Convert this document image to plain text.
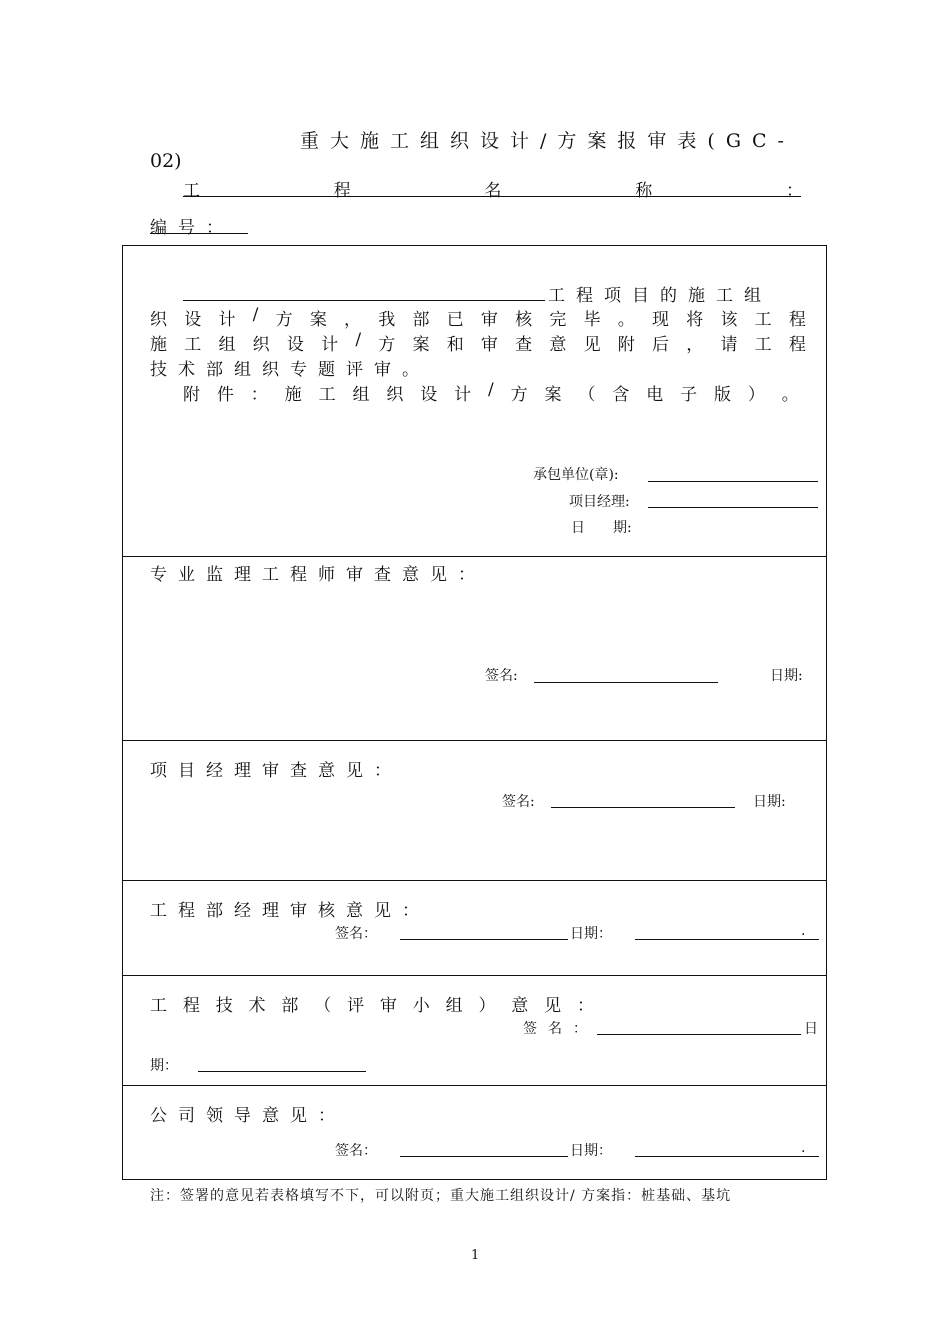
重大施工组织设计/方案报审表(GC-
02)
工	程	名	称	：
编号：
工程项目的施工组
织 设 计 / 方 案 ， 我 部 已 审 核 完 毕 。 现 将 该 工 程
施 工 组 织 设 计 / 方 案 和 审 查 意 见 附 后 ， 请 工 程
技术部组织专题评审。
附 件 ： 施 工 组 织 设 计 / 方 案 （ 含 电 子 版 ） 。
承包单位(章):
项目经理:
日　　期:
专业监理工程师审查意见：
签名:	日期:
项目经理审查意见：
签名:	日期:
工程部经理审核意见：
签名：	日期：	.
工 程 技 术 部 （ 评 审 小 组 ） 意 见 ：
签名：	日
期：
公司领导意见：
签名：	日期：	.
注：签署的意见若表格填写不下，可以附页；重大施工组织设计/ 方案指：桩基础、基坑
1
